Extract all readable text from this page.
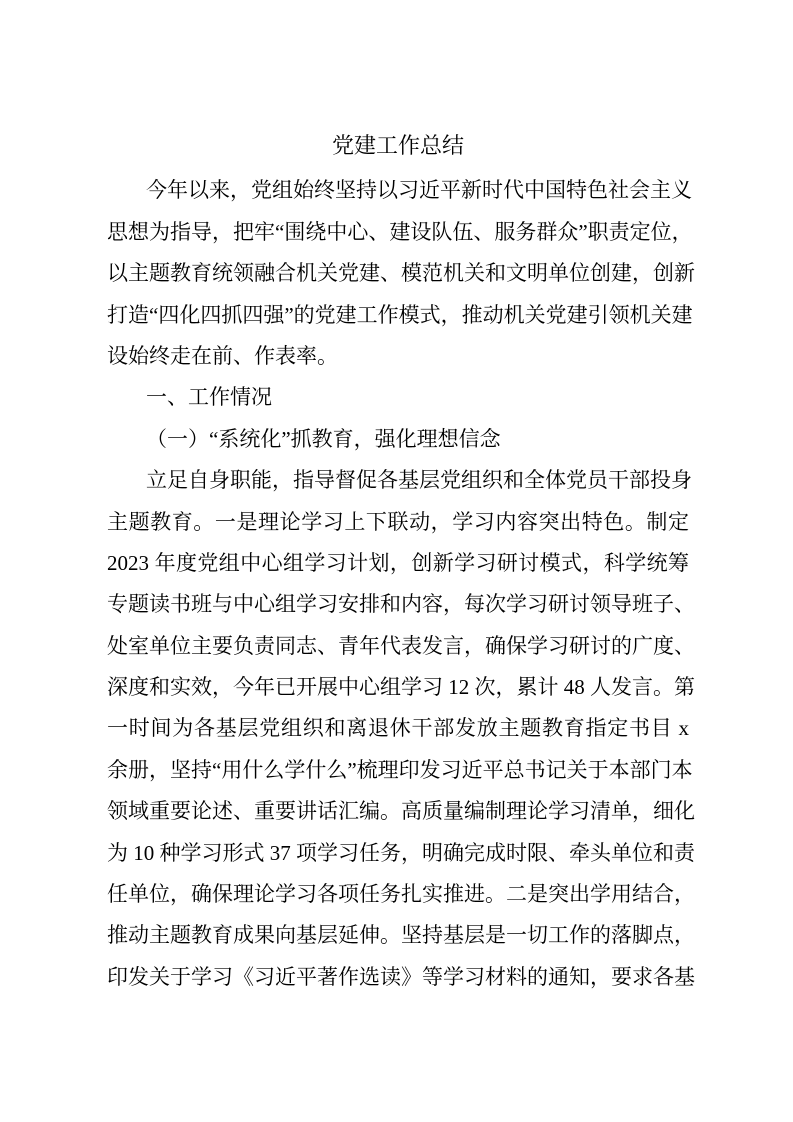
党建工作总结
今年以来，党组始终坚持以习近平新时代中国特色社会主义
思想为指导，把牢“围绕中心、建设队伍、服务群众”职责定位，
以主题教育统领融合机关党建、模范机关和文明单位创建，创新
打造“四化四抓四强”的党建工作模式，推动机关党建引领机关建
设始终走在前、作表率。
一、工作情况
（一）“系统化”抓教育，强化理想信念
立足自身职能，指导督促各基层党组织和全体党员干部投身
主题教育。一是理论学习上下联动，学习内容突出特色。制定
2023 年度党组中心组学习计划，创新学习研讨模式，科学统筹
专题读书班与中心组学习安排和内容，每次学习研讨领导班子、
处室单位主要负责同志、青年代表发言，确保学习研讨的广度、
深度和实效，今年已开展中心组学习 12 次，累计 48 人发言。第
一时间为各基层党组织和离退休干部发放主题教育指定书目 x
余册，坚持“用什么学什么”梳理印发习近平总书记关于本部门本
领域重要论述、重要讲话汇编。高质量编制理论学习清单，细化
为 10 种学习形式 37 项学习任务，明确完成时限、牵头单位和责
任单位，确保理论学习各项任务扎实推进。二是突出学用结合，
推动主题教育成果向基层延伸。坚持基层是一切工作的落脚点，
印发关于学习《习近平著作选读》等学习材料的通知，要求各基
